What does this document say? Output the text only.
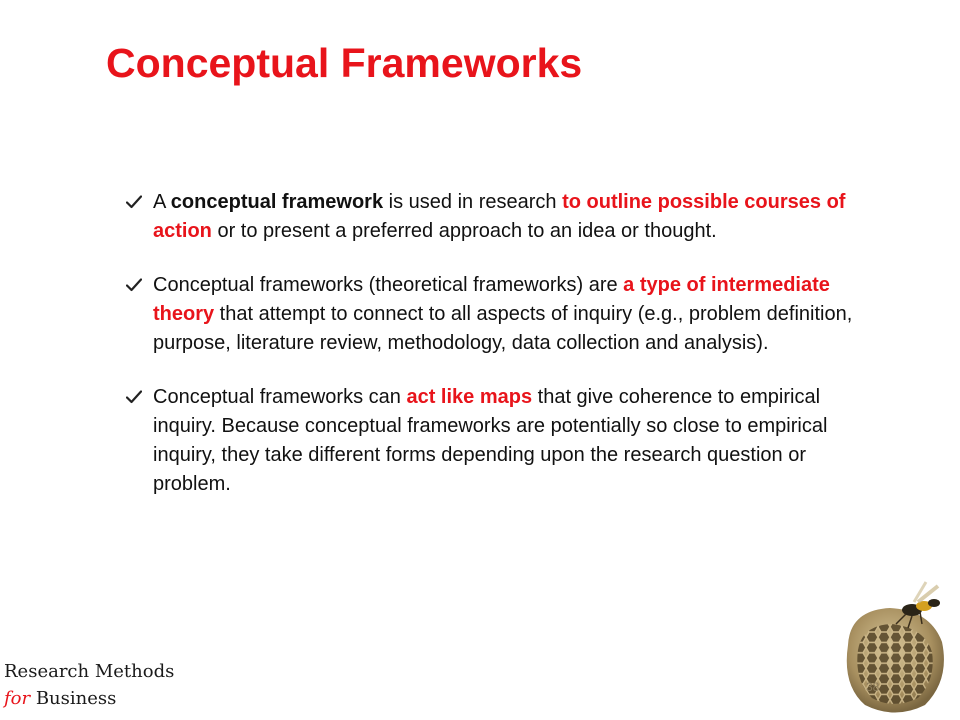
Conceptual Frameworks
A conceptual framework is used in research to outline possible courses of action or to present a preferred approach to an idea or thought.
Conceptual frameworks (theoretical frameworks) are a type of intermediate theory that attempt to connect to all aspects of inquiry (e.g., problem definition, purpose, literature review, methodology, data collection and analysis).
Conceptual frameworks can act like maps that give coherence to empirical inquiry. Because conceptual frameworks are potentially so close to empirical inquiry, they take different forms depending upon the research question or problem.
Research Methods
for Business
38
